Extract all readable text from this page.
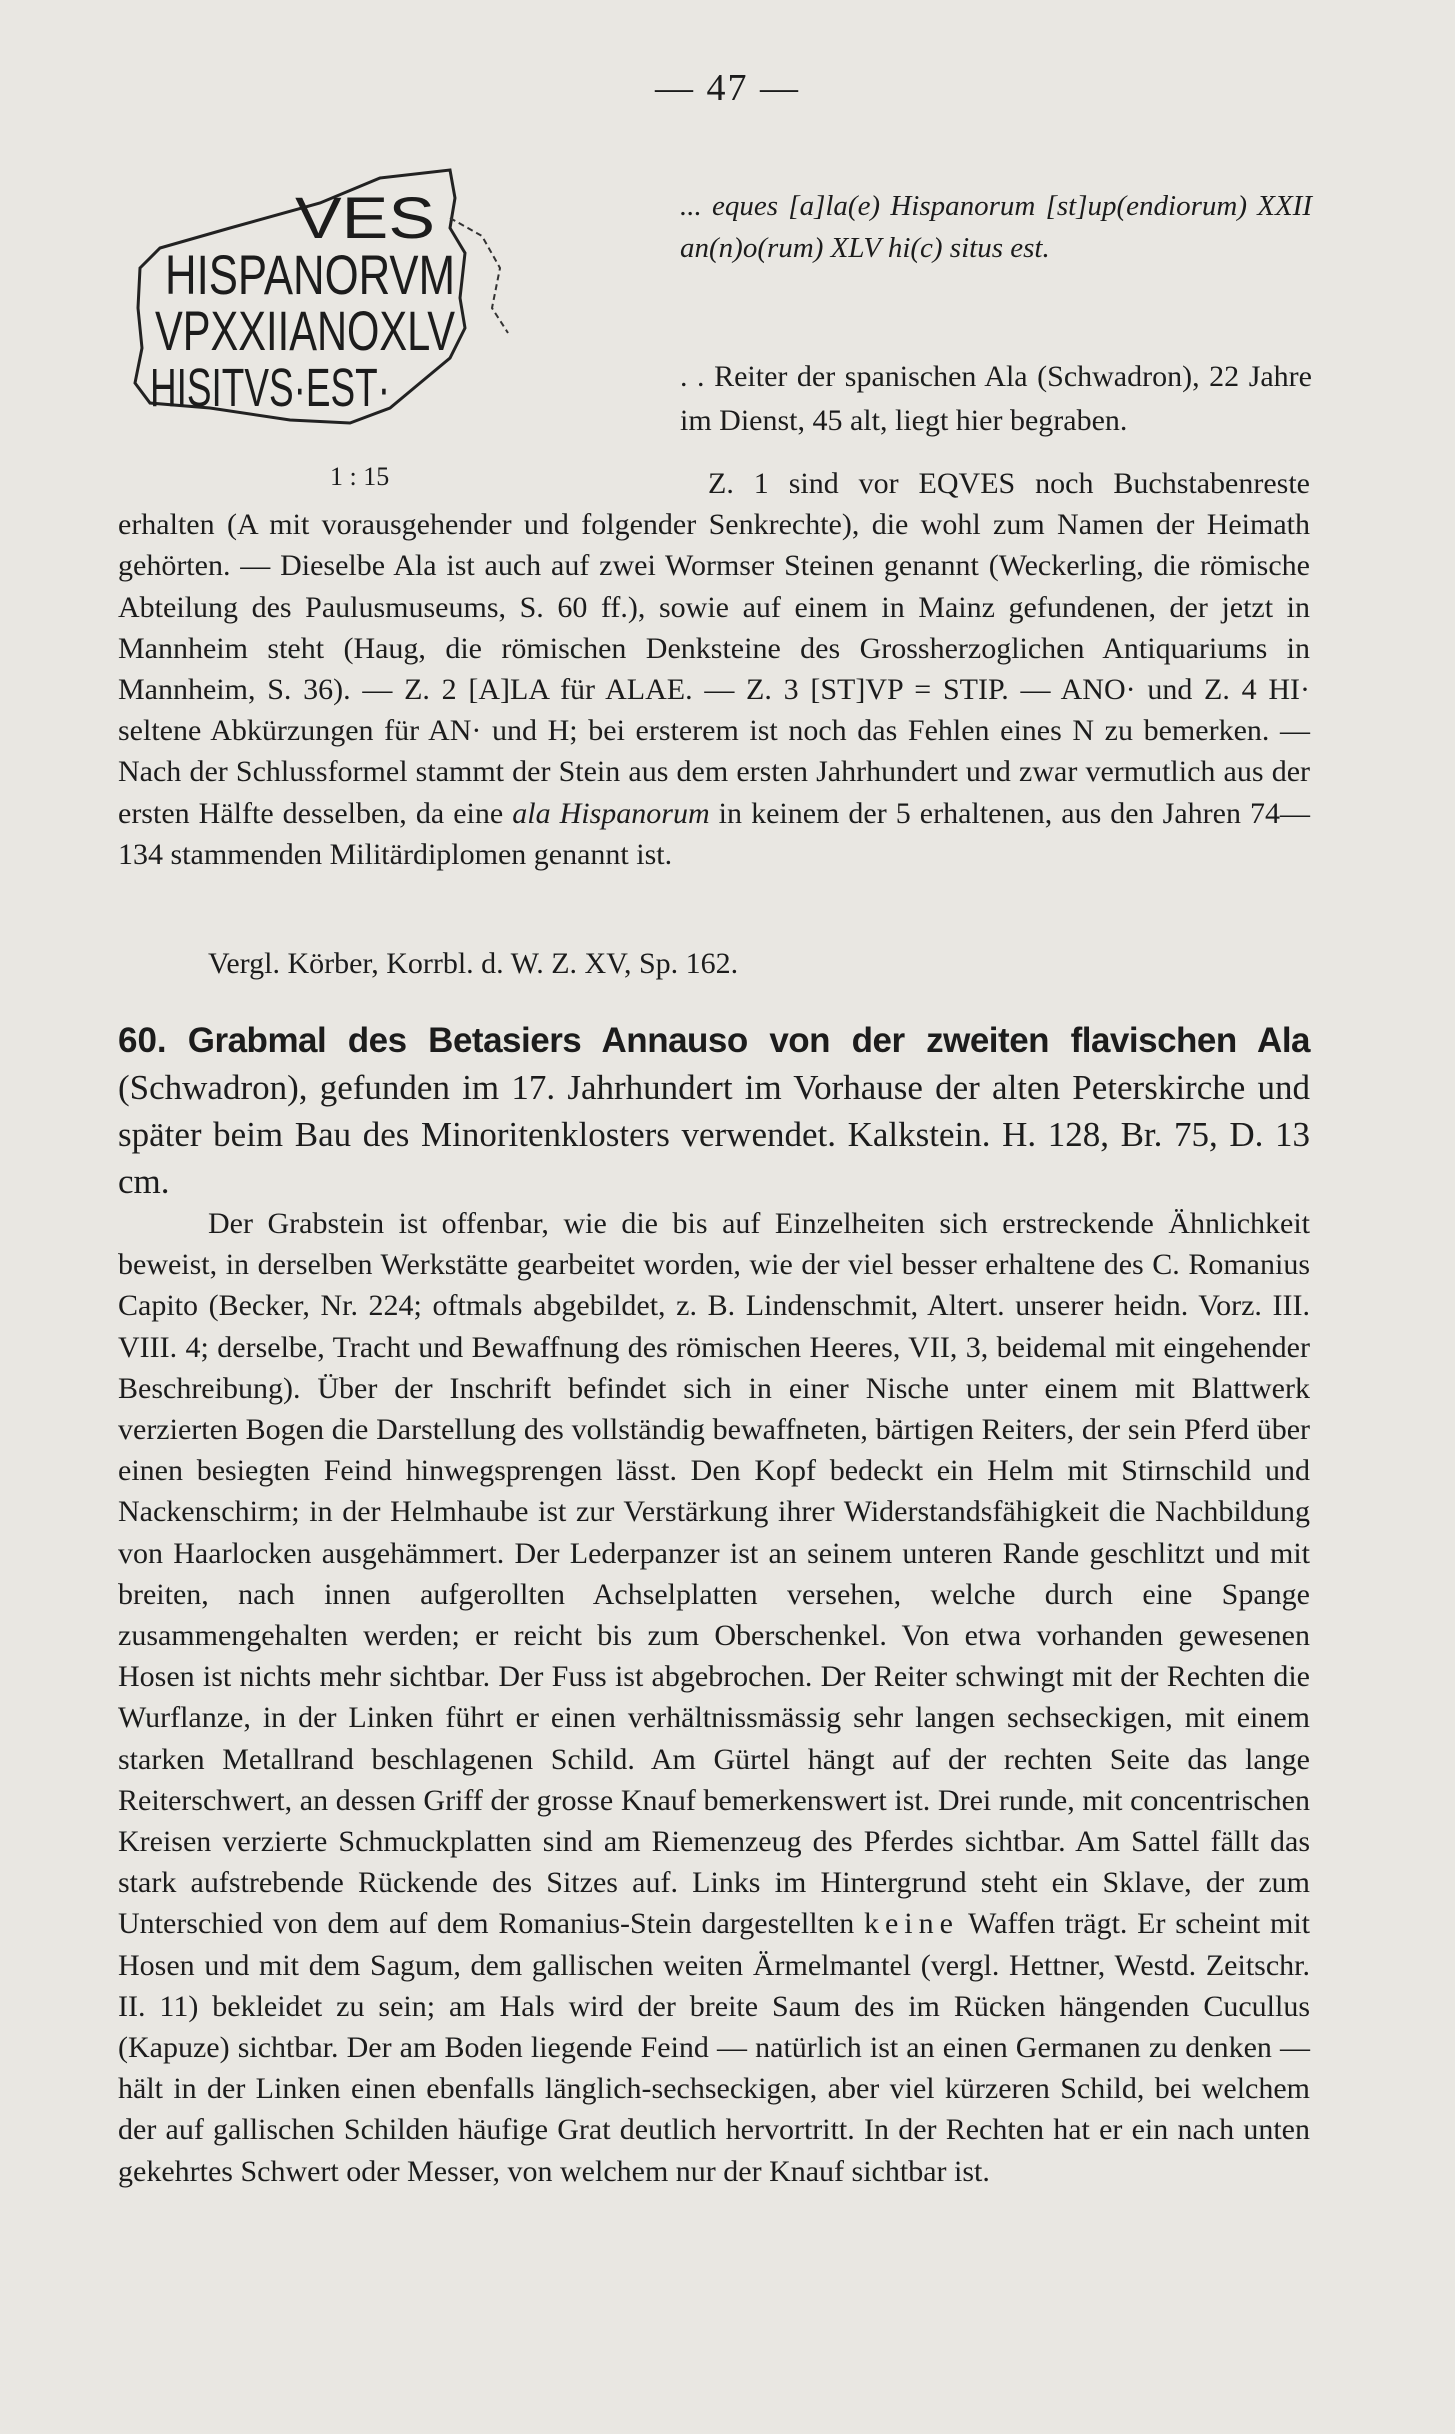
— 47 —
VES
HISPANORVM
VPXXIIANOXLV
HISITVS·EST·
1 : 15
... eques [a]la(e) Hispanorum [st]up(endiorum) XXII an(n)o(rum) XLV hi(c) situs est.
. . Reiter der spanischen Ala (Schwadron), 22 Jahre im Dienst, 45 alt, liegt hier begraben.

Z. 1 sind vor EQVES noch Buchstabenreste erhalten (A mit vorausgehender und folgender Senkrechte), die wohl zum Namen der Heimath gehörten. — Dieselbe Ala ist auch auf zwei Wormser Steinen genannt (Weckerling, die römische Abteilung des Paulusmuseums, S. 60 ff.), sowie auf einem in Mainz gefundenen, der jetzt in Mannheim steht (Haug, die römischen Denksteine des Grossherzoglichen Antiquariums in Mannheim, S. 36). — Z. 2 [A]LA für ALAE. — Z. 3 [ST]VP = STIP. — ANO· und Z. 4 HI· seltene Abkürzungen für AN· und H; bei ersterem ist noch das Fehlen eines N zu bemerken. — Nach der Schlussformel stammt der Stein aus dem ersten Jahrhundert und zwar vermutlich aus der ersten Hälfte desselben, da eine ala Hispanorum in keinem der 5 erhaltenen, aus den Jahren 74—134 stammenden Militärdiplomen genannt ist.

Vergl. Körber, Korrbl. d. W. Z. XV, Sp. 162.

60. Grabmal des Betasiers Annauso von der zweiten flavischen Ala (Schwadron), gefunden im 17. Jahrhundert im Vorhause der alten Peterskirche und später beim Bau des Minoritenklosters verwendet. Kalkstein. H. 128, Br. 75, D. 13 cm.

Der Grabstein ist offenbar, wie die bis auf Einzelheiten sich erstreckende Ähnlichkeit beweist, in derselben Werkstätte gearbeitet worden, wie der viel besser erhaltene des C. Romanius Capito (Becker, Nr. 224; oftmals abgebildet, z. B. Lindenschmit, Altert. unserer heidn. Vorz. III. VIII. 4; derselbe, Tracht und Bewaffnung des römischen Heeres, VII, 3, beidemal mit eingehender Beschreibung). Über der Inschrift befindet sich in einer Nische unter einem mit Blattwerk verzierten Bogen die Darstellung des vollständig bewaffneten, bärtigen Reiters, der sein Pferd über einen besiegten Feind hinwegsprengen lässt. Den Kopf bedeckt ein Helm mit Stirnschild und Nackenschirm; in der Helmhaube ist zur Verstärkung ihrer Widerstandsfähigkeit die Nachbildung von Haarlocken ausgehämmert. Der Lederpanzer ist an seinem unteren Rande geschlitzt und mit breiten, nach innen aufgerollten Achselplatten versehen, welche durch eine Spange zusammengehalten werden; er reicht bis zum Oberschenkel. Von etwa vorhanden gewesenen Hosen ist nichts mehr sichtbar. Der Fuss ist abgebrochen. Der Reiter schwingt mit der Rechten die Wurflanze, in der Linken führt er einen verhältnissmässig sehr langen sechseckigen, mit einem starken Metallrand beschlagenen Schild. Am Gürtel hängt auf der rechten Seite das lange Reiterschwert, an dessen Griff der grosse Knauf bemerkenswert ist. Drei runde, mit concentrischen Kreisen verzierte Schmuckplatten sind am Riemenzeug des Pferdes sichtbar. Am Sattel fällt das stark aufstrebende Rückende des Sitzes auf. Links im Hintergrund steht ein Sklave, der zum Unterschied von dem auf dem Romanius-Stein dargestellten keine Waffen trägt. Er scheint mit Hosen und mit dem Sagum, dem gallischen weiten Ärmelmantel (vergl. Hettner, Westd. Zeitschr. II. 11) bekleidet zu sein; am Hals wird der breite Saum des im Rücken hängenden Cucullus (Kapuze) sichtbar. Der am Boden liegende Feind — natürlich ist an einen Germanen zu denken — hält in der Linken einen ebenfalls länglich-sechseckigen, aber viel kürzeren Schild, bei welchem der auf gallischen Schilden häufige Grat deutlich hervortritt. In der Rechten hat er ein nach unten gekehrtes Schwert oder Messer, von welchem nur der Knauf sichtbar ist.
